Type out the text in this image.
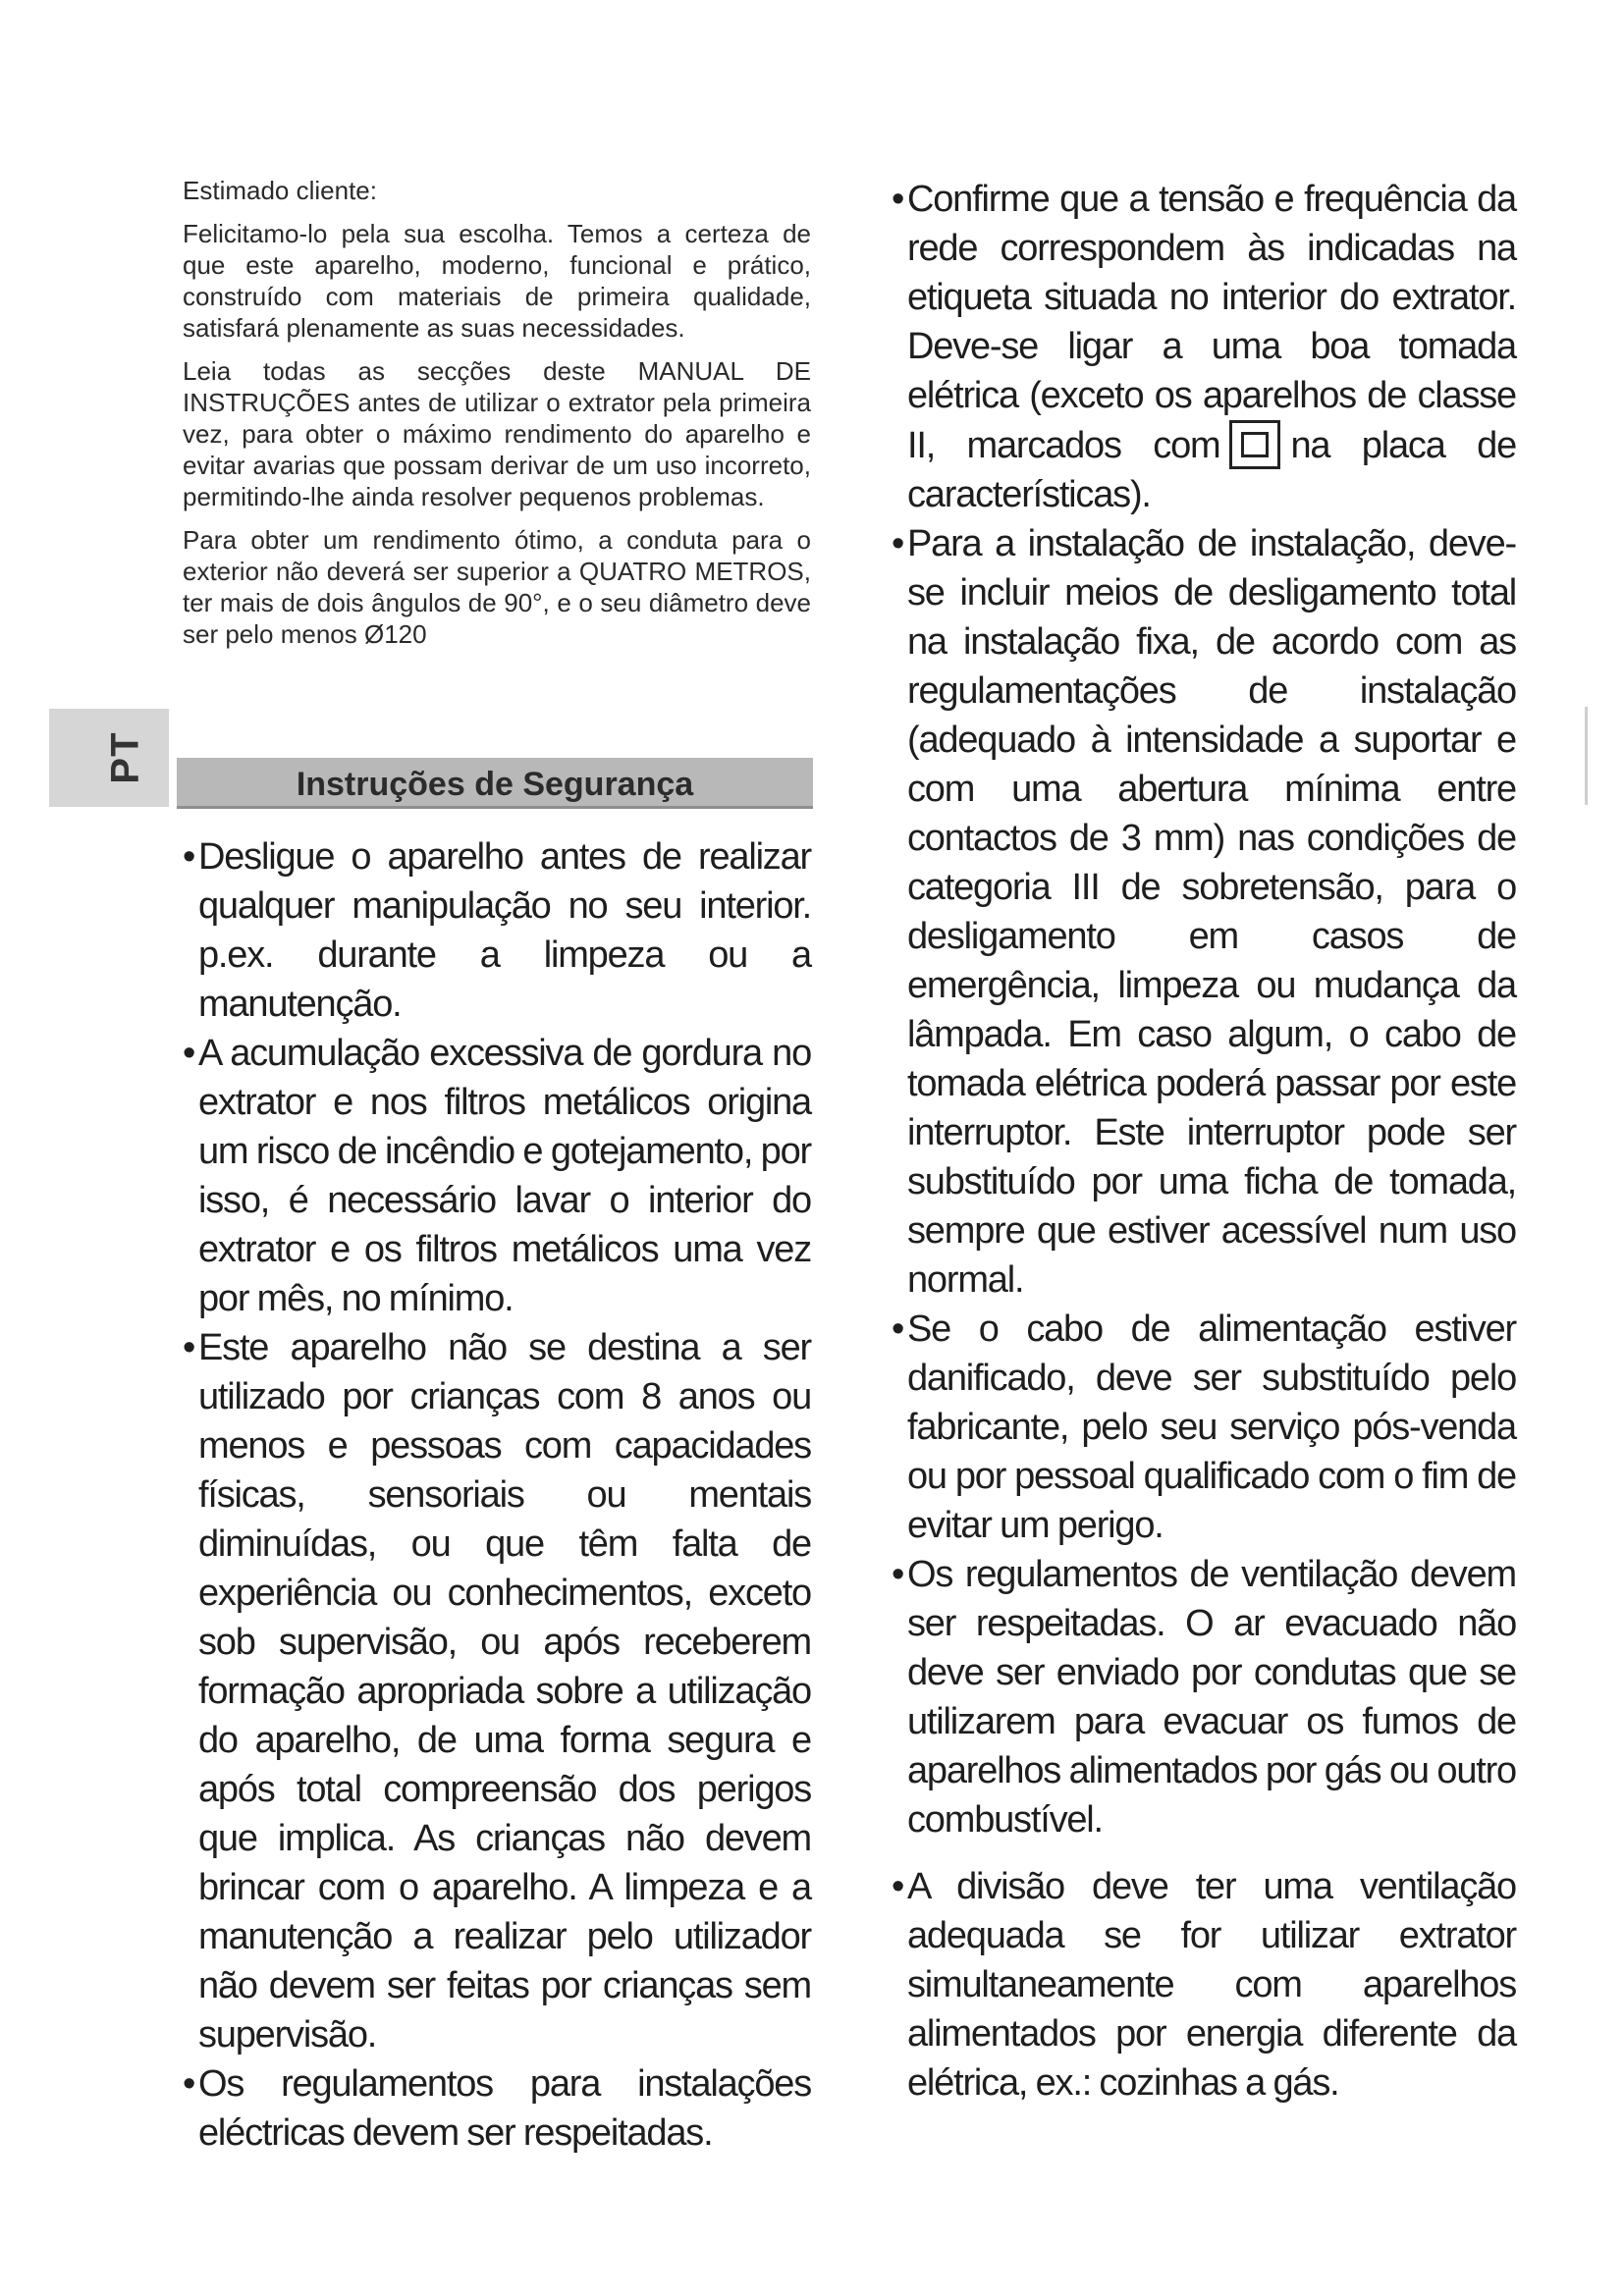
PT

Estimado cliente:

Felicitamo-lo pela sua escolha. Temos a certeza de que este aparelho, moderno, funcional e prático, construído com materiais de primeira qualidade, satisfará plenamente as suas necessidades.

Leia todas as secções deste MANUAL DE INSTRUÇÕES antes de utilizar o extrator pela primeira vez, para obter o máximo rendimento do aparelho e evitar avarias que possam derivar de um uso incorreto, permitindo-lhe ainda resolver pequenos problemas.

Para obter um rendimento ótimo, a conduta para o exterior não deverá ser superior a QUATRO METROS, ter mais de dois ângulos de 90°, e o seu diâmetro deve ser pelo menos Ø120

Instruções de Segurança
• Desligue o aparelho antes de realizar qualquer manipulação no seu interior. p.ex. durante a limpeza ou a manutenção.
• A acumulação excessiva de gordura no extrator e nos filtros metálicos origina um risco de incêndio e gotejamento, por isso, é necessário lavar o interior do extrator e os filtros metálicos uma vez por mês, no mínimo.
• Este aparelho não se destina a ser utilizado por crianças com 8 anos ou menos e pessoas com capacidades físicas, sensoriais ou mentais diminuídas, ou que têm falta de experiência ou conhecimentos, exceto sob supervisão, ou após receberem formação apropriada sobre a utilização do aparelho, de uma forma segura e após total compreensão dos perigos que implica. As crianças não devem brincar com o aparelho. A limpeza e a manutenção a realizar pelo utilizador não devem ser feitas por crianças sem supervisão.
• Os regulamentos para instalações eléctricas devem ser respeitadas.
• Confirme que a tensão e frequência da rede correspondem às indicadas na etiqueta situada no interior do extrator. Deve-se ligar a uma boa tomada elétrica (exceto os aparelhos de classe II, marcados com na placa de características).
• Para a instalação de instalação, deve-se incluir meios de desligamento total na instalação fixa, de acordo com as regulamentações de instalação (adequado à intensidade a suportar e com uma abertura mínima entre contactos de 3 mm) nas condições de categoria III de sobretensão, para o desligamento em casos de emergência, limpeza ou mudança da lâmpada. Em caso algum, o cabo de tomada elétrica poderá passar por este interruptor. Este interruptor pode ser substituído por uma ficha de tomada, sempre que estiver acessível num uso normal.
• Se o cabo de alimentação estiver danificado, deve ser substituído pelo fabricante, pelo seu serviço pós-venda ou por pessoal qualificado com o fim de evitar um perigo.
• Os regulamentos de ventilação devem ser respeitadas. O ar evacuado não deve ser enviado por condutas que se utilizarem para evacuar os fumos de aparelhos alimentados por gás ou outro combustível.
• A divisão deve ter uma ventilação adequada se for utilizar extrator simultaneamente com aparelhos alimentados por energia diferente da elétrica, ex.: cozinhas a gás.
